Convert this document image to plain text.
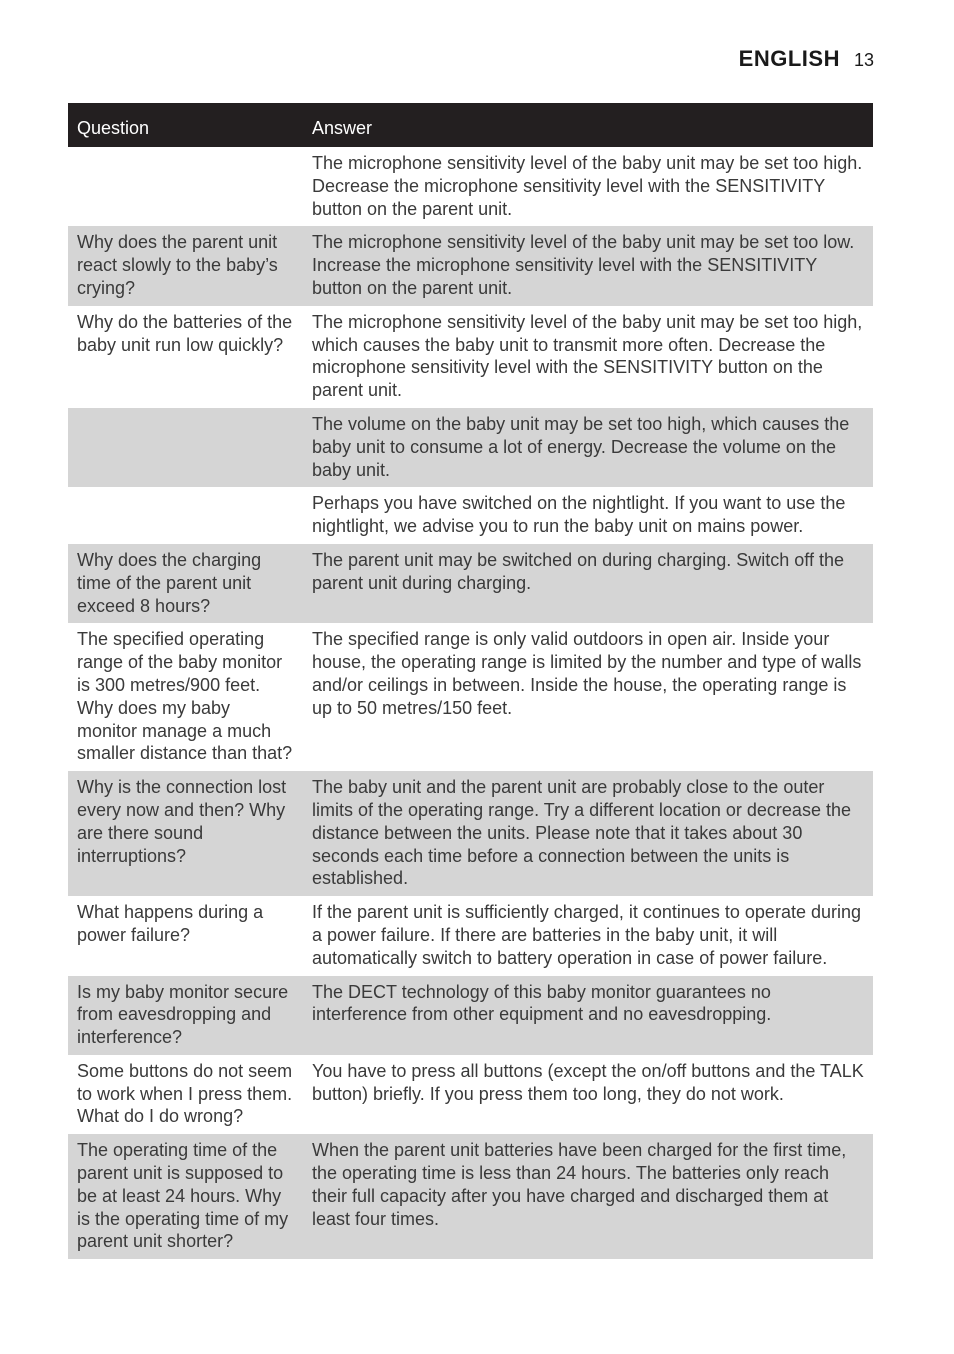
ENGLISH 13
Question	Answer
The microphone sensitivity level of the baby unit may be set too high. Decrease the microphone sensitivity level with the SENSITIVITY button on the parent unit.
Why does the parent unit react slowly to the baby’s crying?
The microphone sensitivity level of the baby unit may be set too low. Increase the microphone sensitivity level with the SENSITIVITY button on the parent unit.
Why do the batteries of the baby unit run low quickly?
The microphone sensitivity level of the baby unit may be set too high, which causes the baby unit to transmit more often. Decrease the microphone sensitivity level with the SENSITIVITY button on the parent unit.
The volume on the baby unit may be set too high, which causes the baby unit to consume a lot of energy. Decrease the volume on the baby unit.
Perhaps you have switched on the nightlight. If you want to use the nightlight, we advise you to run the baby unit on mains power.
Why does the charging time of the parent unit exceed 8 hours?
The parent unit may be switched on during charging. Switch off the parent unit during charging.
The specified operating range of the baby monitor is 300 metres/900 feet. Why does my baby monitor manage a much smaller distance than that?
The specified range is only valid outdoors in open air. Inside your house, the operating range is limited by the number and type of walls and/or ceilings in between. Inside the house, the operating range is up to 50 metres/150 feet.
Why is the connection lost every now and then? Why are there sound interruptions?
The baby unit and the parent unit are probably close to the outer limits of the operating range. Try a different location or decrease the distance between the units. Please note that it takes about 30 seconds each time before a connection between the units is established.
What happens during a power failure?
If the parent unit is sufficiently charged, it continues to operate during a power failure. If there are batteries in the baby unit, it will automatically switch to battery operation in case of power failure.
Is my baby monitor secure from eavesdropping and interference?
The DECT technology of this baby monitor guarantees no interference from other equipment and no eavesdropping.
Some buttons do not seem to work when I press them. What do I do wrong?
You have to press all buttons (except the on/off buttons and the TALK button) briefly. If you press them too long, they do not work.
The operating time of the parent unit is supposed to be at least 24 hours. Why is the operating time of my parent unit shorter?
When the parent unit batteries have been charged for the first time, the operating time is less than 24 hours. The batteries only reach their full capacity after you have charged and discharged them at least four times.
